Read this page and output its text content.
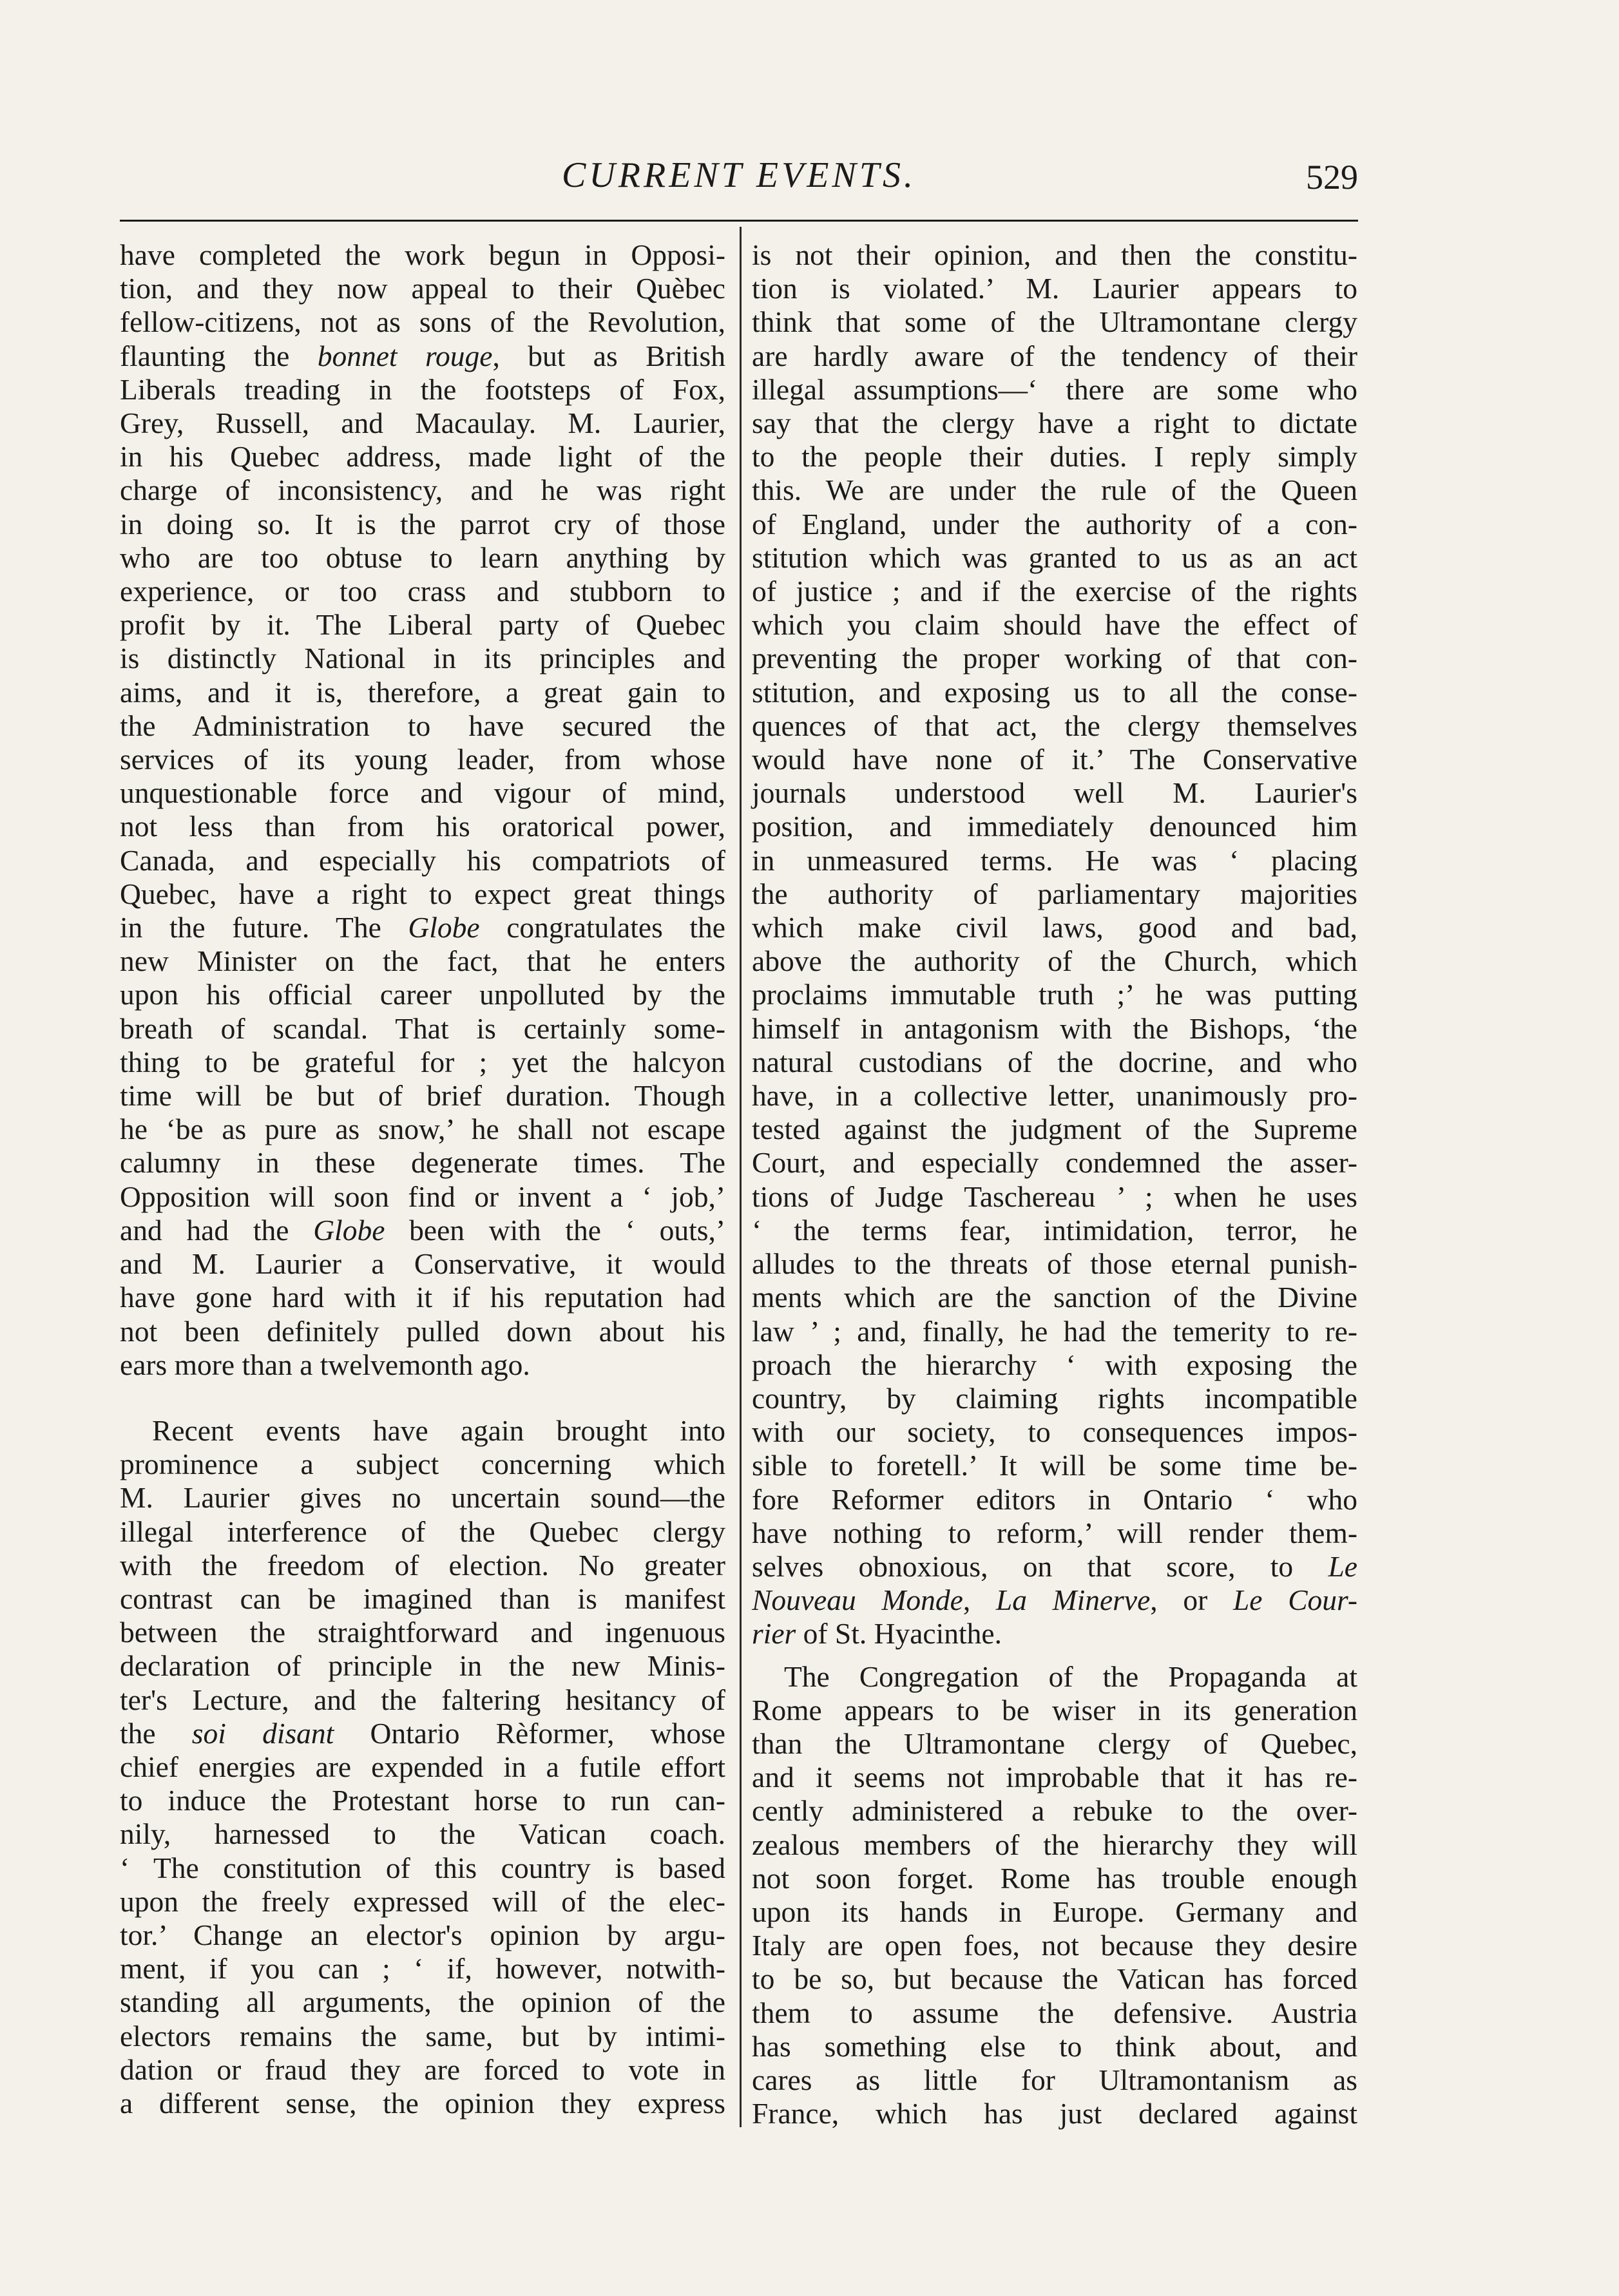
CURRENT EVENTS.	529
have completed the work begun in Opposi-
tion, and they now appeal to their Quèbec
fellow-citizens, not as sons of the Revolution,
flaunting the bonnet rouge, but as British
Liberals treading in the footsteps of Fox,
Grey, Russell, and Macaulay. M. Laurier,
in his Quebec address, made light of the
charge of inconsistency, and he was right
in doing so. It is the parrot cry of those
who are too obtuse to learn anything by
experience, or too crass and stubborn to
profit by it. The Liberal party of Quebec
is distinctly National in its principles and
aims, and it is, therefore, a great gain to
the Administration to have secured the
services of its young leader, from whose
unquestionable force and vigour of mind,
not less than from his oratorical power,
Canada, and especially his compatriots of
Quebec, have a right to expect great things
in the future. The Globe congratulates the
new Minister on the fact, that he enters
upon his official career unpolluted by the
breath of scandal. That is certainly some-
thing to be grateful for ; yet the halcyon
time will be but of brief duration. Though
he ‘be as pure as snow,’ he shall not escape
calumny in these degenerate times. The
Opposition will soon find or invent a ‘ job,’
and had the Globe been with the ‘ outs,’
and M. Laurier a Conservative, it would
have gone hard with it if his reputation had
not been definitely pulled down about his
ears more than a twelvemonth ago.
Recent events have again brought into
prominence a subject concerning which
M. Laurier gives no uncertain sound—the
illegal interference of the Quebec clergy
with the freedom of election. No greater
contrast can be imagined than is manifest
between the straightforward and ingenuous
declaration of principle in the new Minis-
ter's Lecture, and the faltering hesitancy of
the soi disant Ontario Rèformer, whose
chief energies are expended in a futile effort
to induce the Protestant horse to run can-
nily, harnessed to the Vatican coach.
‘ The constitution of this country is based
upon the freely expressed will of the elec-
tor.’ Change an elector's opinion by argu-
ment, if you can ; ‘ if, however, notwith-
standing all arguments, the opinion of the
electors remains the same, but by intimi-
dation or fraud they are forced to vote in
a different sense, the opinion they express
is not their opinion, and then the constitu-
tion is violated.’ M. Laurier appears to
think that some of the Ultramontane clergy
are hardly aware of the tendency of their
illegal assumptions—‘ there are some who
say that the clergy have a right to dictate
to the people their duties. I reply simply
this. We are under the rule of the Queen
of England, under the authority of a con-
stitution which was granted to us as an act
of justice ; and if the exercise of the rights
which you claim should have the effect of
preventing the proper working of that con-
stitution, and exposing us to all the conse-
quences of that act, the clergy themselves
would have none of it.’ The Conservative
journals understood well M. Laurier's
position, and immediately denounced him
in unmeasured terms. He was ‘ placing
the authority of parliamentary majorities
which make civil laws, good and bad,
above the authority of the Church, which
proclaims immutable truth ;’ he was putting
himself in antagonism with the Bishops, ‘the
natural custodians of the docrine, and who
have, in a collective letter, unanimously pro-
tested against the judgment of the Supreme
Court, and especially condemned the asser-
tions of Judge Taschereau ’ ; when he uses
‘ the terms fear, intimidation, terror, he
alludes to the threats of those eternal punish-
ments which are the sanction of the Divine
law ’ ; and, finally, he had the temerity to re-
proach the hierarchy ‘ with exposing the
country, by claiming rights incompatible
with our society, to consequences impos-
sible to foretell.’ It will be some time be-
fore Reformer editors in Ontario ‘ who
have nothing to reform,’ will render them-
selves obnoxious, on that score, to Le
Nouveau Monde, La Minerve, or Le Cour-
rier of St. Hyacinthe.
The Congregation of the Propaganda at
Rome appears to be wiser in its generation
than the Ultramontane clergy of Quebec,
and it seems not improbable that it has re-
cently administered a rebuke to the over-
zealous members of the hierarchy they will
not soon forget. Rome has trouble enough
upon its hands in Europe. Germany and
Italy are open foes, not because they desire
to be so, but because the Vatican has forced
them to assume the defensive. Austria
has something else to think about, and
cares as little for Ultramontanism as
France, which has just declared against
